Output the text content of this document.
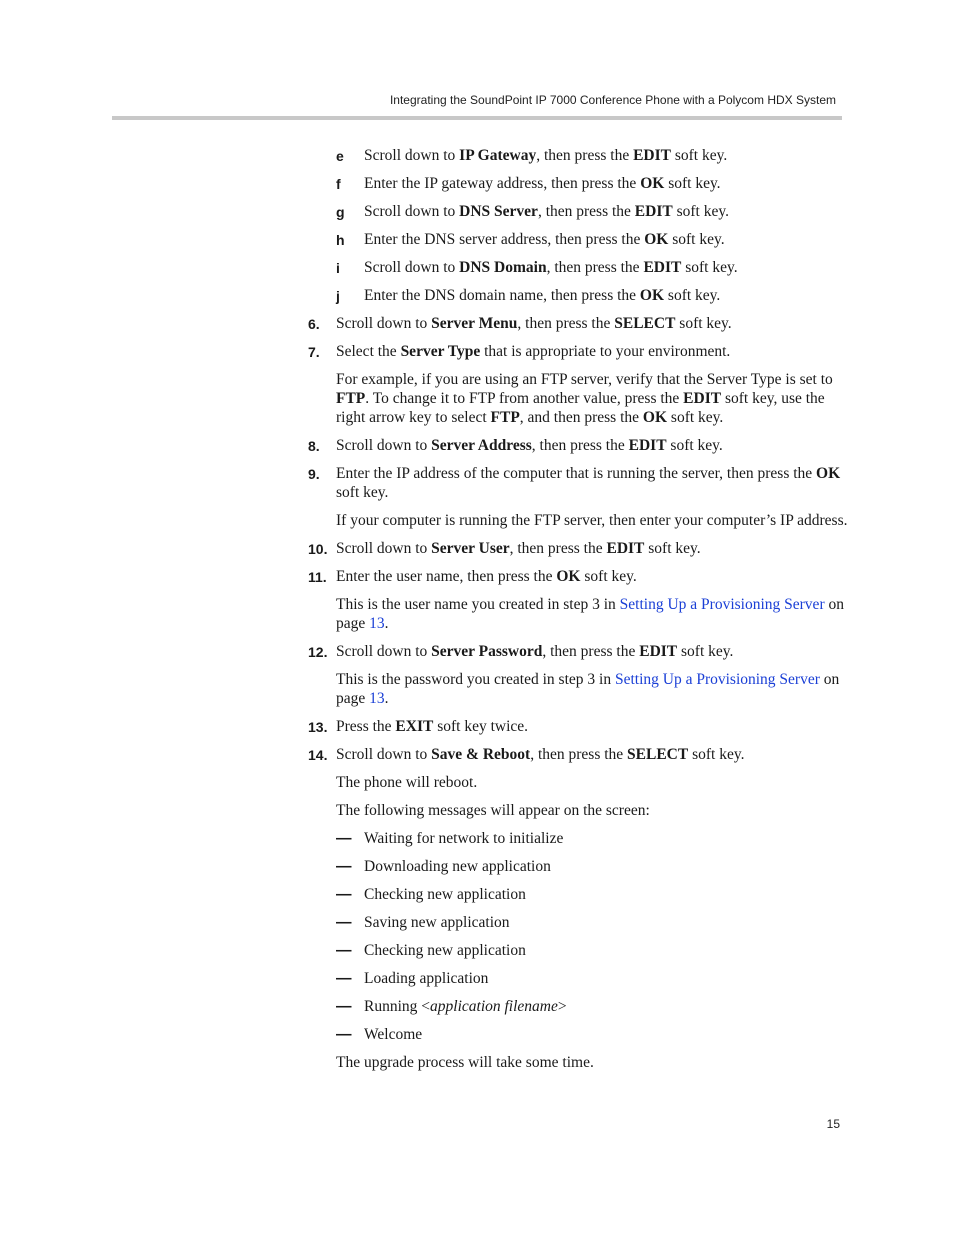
Integrating the SoundPoint IP 7000 Conference Phone with a Polycom HDX System
e Scroll down to IP Gateway, then press the EDIT soft key.
f Enter the IP gateway address, then press the OK soft key.
g Scroll down to DNS Server, then press the EDIT soft key.
h Enter the DNS server address, then press the OK soft key.
i Scroll down to DNS Domain, then press the EDIT soft key.
j Enter the DNS domain name, then press the OK soft key.
6. Scroll down to Server Menu, then press the SELECT soft key.
7. Select the Server Type that is appropriate to your environment.
For example, if you are using an FTP server, verify that the Server Type is set to FTP. To change it to FTP from another value, press the EDIT soft key, use the right arrow key to select FTP, and then press the OK soft key.
8. Scroll down to Server Address, then press the EDIT soft key.
9. Enter the IP address of the computer that is running the server, then press the OK soft key.
If your computer is running the FTP server, then enter your computer’s IP address.
10. Scroll down to Server User, then press the EDIT soft key.
11. Enter the user name, then press the OK soft key.
This is the user name you created in step 3 in Setting Up a Provisioning Server on page 13.
12. Scroll down to Server Password, then press the EDIT soft key.
This is the password you created in step 3 in Setting Up a Provisioning Server on page 13.
13. Press the EXIT soft key twice.
14. Scroll down to Save & Reboot, then press the SELECT soft key.
The phone will reboot.
The following messages will appear on the screen:
— Waiting for network to initialize
— Downloading new application
— Checking new application
— Saving new application
— Checking new application
— Loading application
— Running <application filename>
— Welcome
The upgrade process will take some time.
15
